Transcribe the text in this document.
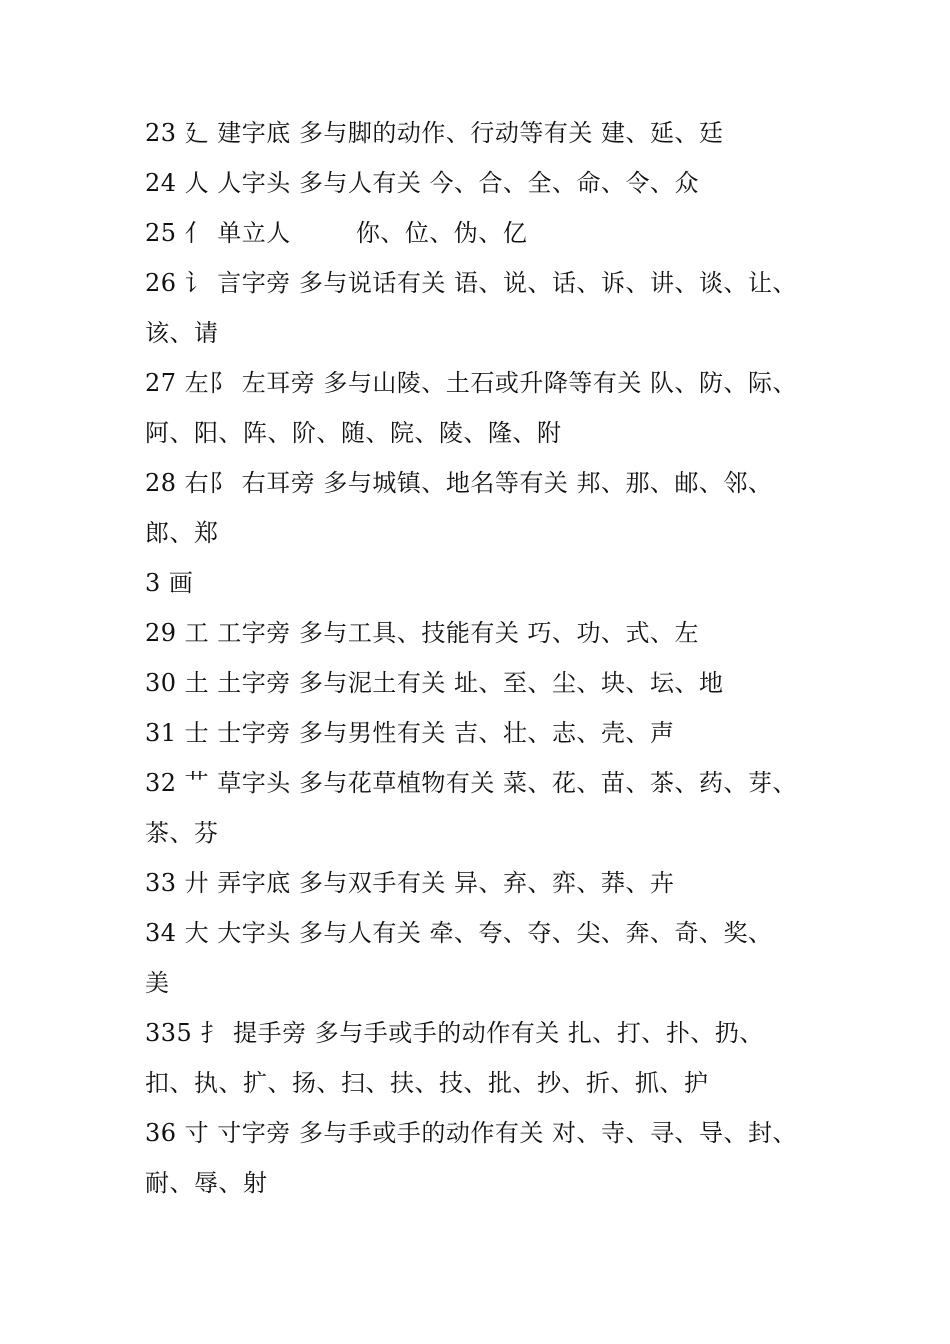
23 廴 建字底 多与脚的动作、行动等有关 建、延、廷
24 人 人字头 多与人有关 今、合、全、命、令、众
25 亻 单立人        你、位、伪、亿
26 讠 言字旁 多与说话有关 语、说、话、诉、讲、谈、让、
该、请
27 左阝 左耳旁 多与山陵、土石或升降等有关 队、防、际、
阿、阳、阵、阶、随、院、陵、隆、附
28 右阝 右耳旁 多与城镇、地名等有关 邦、那、邮、邻、
郎、郑
3 画
29 工 工字旁 多与工具、技能有关 巧、功、式、左
30 土 土字旁 多与泥土有关 址、至、尘、块、坛、地
31 士 士字旁 多与男性有关 吉、壮、志、壳、声
32 艹 草字头 多与花草植物有关 菜、花、苗、茶、药、芽、
茶、芬
33 廾 弄字底 多与双手有关 异、弃、弈、莽、卉
34 大 大字头 多与人有关 牵、夸、夺、尖、奔、奇、奖、
美
335 扌 提手旁 多与手或手的动作有关 扎、打、扑、扔、
扣、执、扩、扬、扫、扶、技、批、抄、折、抓、护
36 寸 寸字旁 多与手或手的动作有关 对、寺、寻、导、封、
耐、辱、射
